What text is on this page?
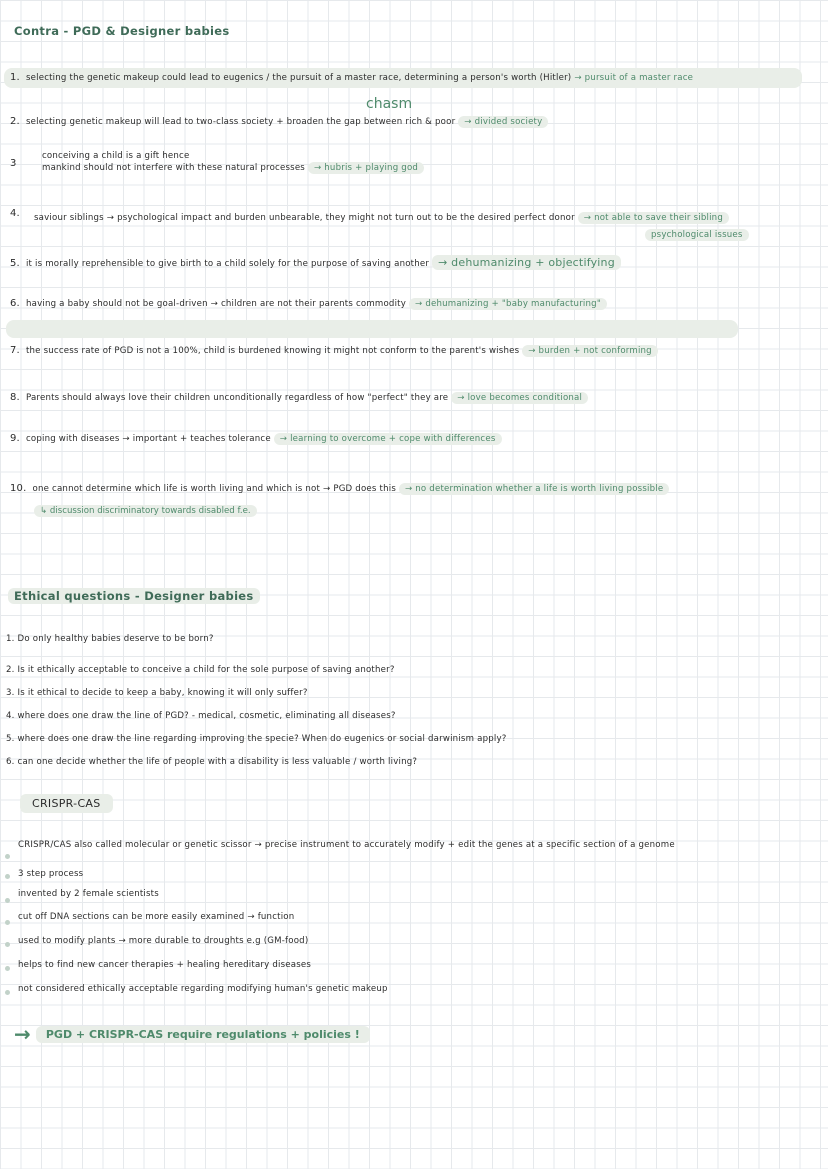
Contra - PGD & Designer babies
1. selecting the genetic makeup could lead to eugenics / the pursuit of a master race, determining a person's worth (Hitler) → pursuit of a master race
chasm
2. selecting genetic makeup will lead to two-class society + broaden the gap between rich & poor → divided society
3
conceiving a child is a gift hence
mankind should not interfere with these natural processes → hubris + playing god
4.	saviour siblings → psychological impact and burden unbearable, they might not turn out to be the desired perfect donor → not able to save their sibling
psychological issues
5. it is morally reprehensible to give birth to a child solely for the purpose of saving another → dehumanizing + objectifying
6. having a baby should not be goal-driven → children are not their parents commodity → dehumanizing + "baby manufacturing"
7. the success rate of PGD is not a 100%, child is burdened knowing it might not conform to the parent's wishes → burden + not conforming
8. Parents should always love their children unconditionally regardless of how "perfect" they are → love becomes conditional
9. coping with diseases → important + teaches tolerance → learning to overcome + cope with differences
10. one cannot determine which life is worth living and which is not → PGD does this → no determination whether a life is worth living possible
↳ discussion discriminatory towards disabled f.e.
Ethical questions - Designer babies
1. Do only healthy babies deserve to be born?
2. Is it ethically acceptable to conceive a child for the sole purpose of saving another?
3. Is it ethical to decide to keep a baby, knowing it will only suffer?
4. where does one draw the line of PGD? - medical, cosmetic, eliminating all diseases?
5. where does one draw the line regarding improving the specie? When do eugenics or social darwinism apply?
6. can one decide whether the life of people with a disability is less valuable / worth living?
CRISPR-CAS
CRISPR/CAS also called molecular or genetic scissor → precise instrument to accurately modify + edit the genes at a specific section of a genome
3 step process
invented by 2 female scientists
cut off DNA sections can be more easily examined → function
used to modify plants → more durable to droughts e.g (GM-food)
helps to find new cancer therapies + healing hereditary diseases
not considered ethically acceptable regarding modifying human's genetic makeup
→ PGD + CRISPR-CAS require regulations + policies !
